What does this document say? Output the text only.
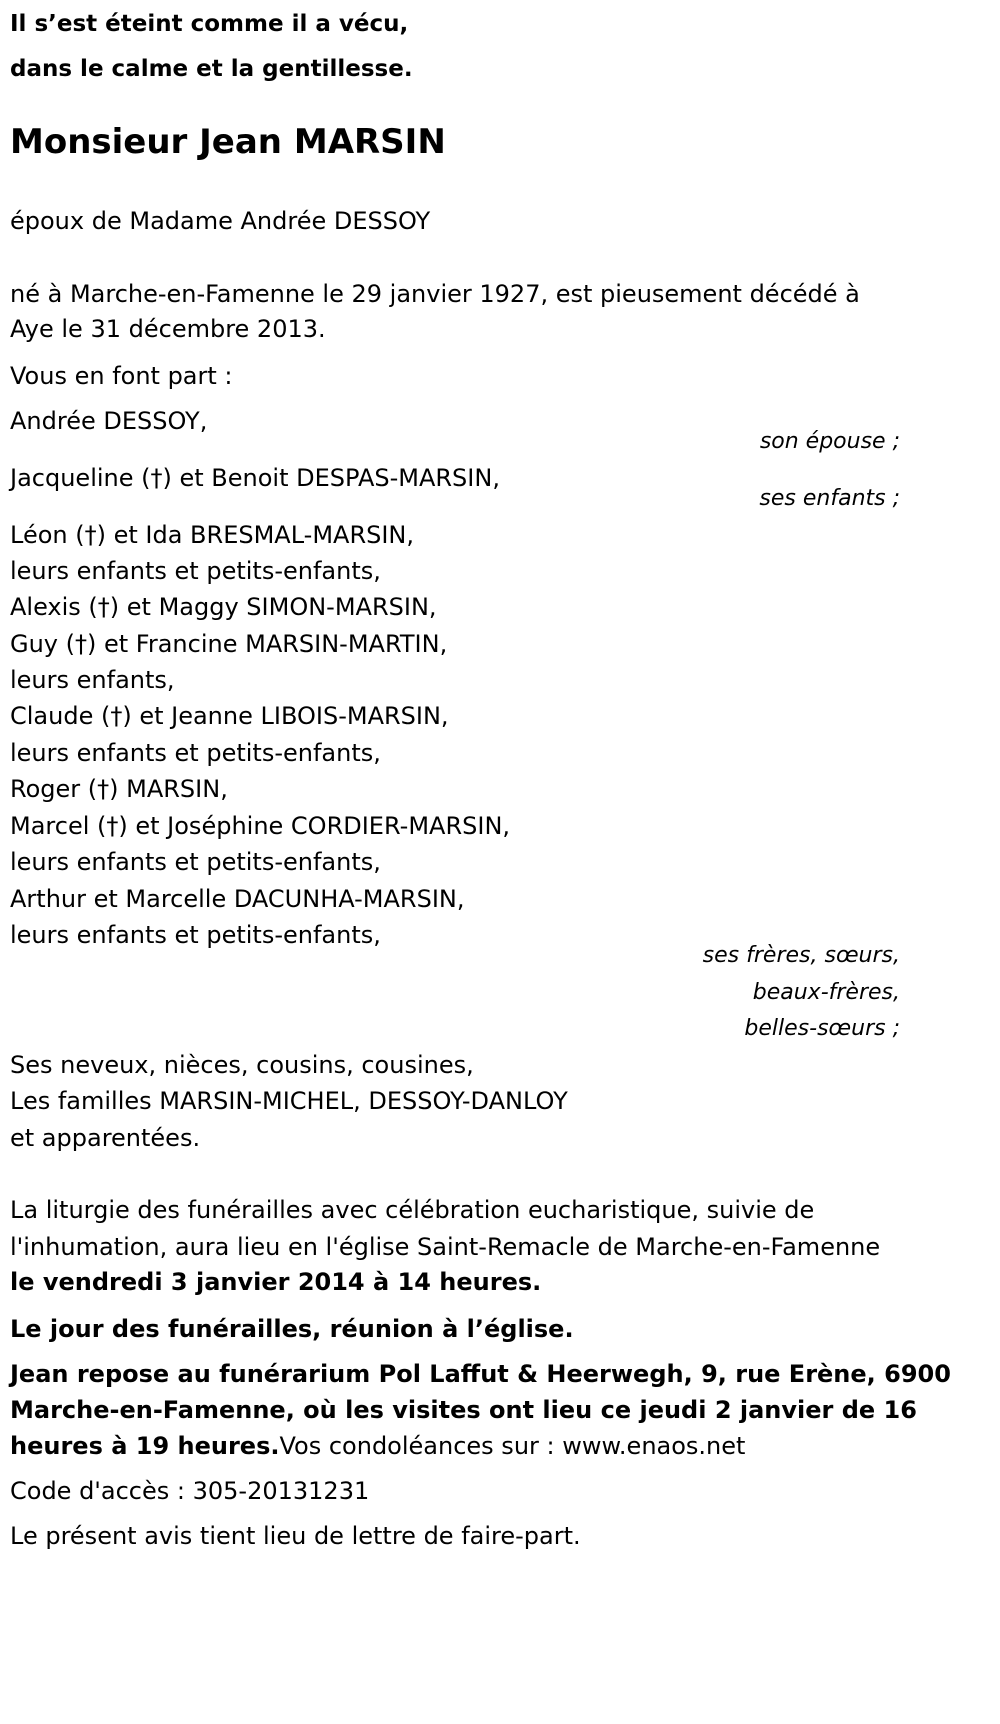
Il s’est éteint comme il a vécu,
dans le calme et la gentillesse.
Monsieur Jean MARSIN
époux de Madame Andrée DESSOY
né à Marche-en-Famenne le 29 janvier 1927, est pieusement décédé à
Aye le 31 décembre 2013.
Vous en font part :
Andrée DESSOY,
son épouse ;
Jacqueline (†) et Benoit DESPAS-MARSIN,
ses enfants ;
Léon (†) et Ida BRESMAL-MARSIN,
leurs enfants et petits-enfants,
Alexis (†) et Maggy SIMON-MARSIN,
Guy (†) et Francine MARSIN-MARTIN,
leurs enfants,
Claude (†) et Jeanne LIBOIS-MARSIN,
leurs enfants et petits-enfants,
Roger (†) MARSIN,
Marcel (†) et Joséphine CORDIER-MARSIN,
leurs enfants et petits-enfants,
Arthur et Marcelle DACUNHA-MARSIN,
leurs enfants et petits-enfants,
ses frères, sœurs,
beaux-frères,
belles-sœurs ;
Ses neveux, nièces, cousins, cousines,
Les familles MARSIN-MICHEL, DESSOY-DANLOY
et apparentées.
La liturgie des funérailles avec célébration eucharistique, suivie de
l'inhumation, aura lieu en l'église Saint-Remacle de Marche-en-Famenne
le vendredi 3 janvier 2014 à 14 heures.
Le jour des funérailles, réunion à l’église.
Jean repose au funérarium Pol Laffut & Heerwegh, 9, rue Erène, 6900
Marche-en-Famenne, où les visites ont lieu ce jeudi 2 janvier de 16
heures à 19 heures.Vos condoléances sur : www.enaos.net
Code d'accès : 305-20131231
Le présent avis tient lieu de lettre de faire-part.
